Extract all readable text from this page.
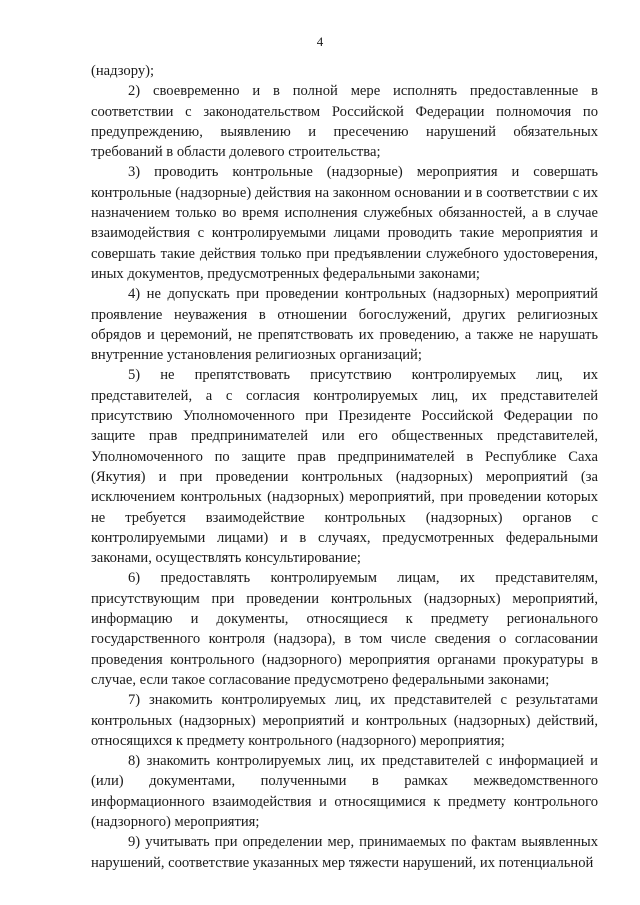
4

(надзору);

2) своевременно и в полной мере исполнять предоставленные в соответствии с законодательством Российской Федерации полномочия по предупреждению, выявлению и пресечению нарушений обязательных требований в области долевого строительства;

3) проводить контрольные (надзорные) мероприятия и совершать контрольные (надзорные) действия на законном основании и в соответствии с их назначением только во время исполнения служебных обязанностей, а в случае взаимодействия с контролируемыми лицами проводить такие мероприятия и совершать такие действия только при предъявлении служебного удостоверения, иных документов, предусмотренных федеральными законами;

4) не допускать при проведении контрольных (надзорных) мероприятий проявление неуважения в отношении богослужений, других религиозных обрядов и церемоний, не препятствовать их проведению, а также не нарушать внутренние установления религиозных организаций;

5) не препятствовать присутствию контролируемых лиц, их представителей, а с согласия контролируемых лиц, их представителей присутствию Уполномоченного при Президенте Российской Федерации по защите прав предпринимателей или его общественных представителей, Уполномоченного по защите прав предпринимателей в Республике Саха (Якутия) и при проведении контрольных (надзорных) мероприятий (за исключением контрольных (надзорных) мероприятий, при проведении которых не требуется взаимодействие контрольных (надзорных) органов с контролируемыми лицами) и в случаях, предусмотренных федеральными законами, осуществлять консультирование;

6) предоставлять контролируемым лицам, их представителям, присутствующим при проведении контрольных (надзорных) мероприятий, информацию и документы, относящиеся к предмету регионального государственного контроля (надзора), в том числе сведения о согласовании проведения контрольного (надзорного) мероприятия органами прокуратуры в случае, если такое согласование предусмотрено федеральными законами;

7) знакомить контролируемых лиц, их представителей с результатами контрольных (надзорных) мероприятий и контрольных (надзорных) действий, относящихся к предмету контрольного (надзорного) мероприятия;

8) знакомить контролируемых лиц, их представителей с информацией и (или) документами, полученными в рамках межведомственного информационного взаимодействия и относящимися к предмету контрольного (надзорного) мероприятия;

9) учитывать при определении мер, принимаемых по фактам выявленных нарушений, соответствие указанных мер тяжести нарушений, их потенциальной
